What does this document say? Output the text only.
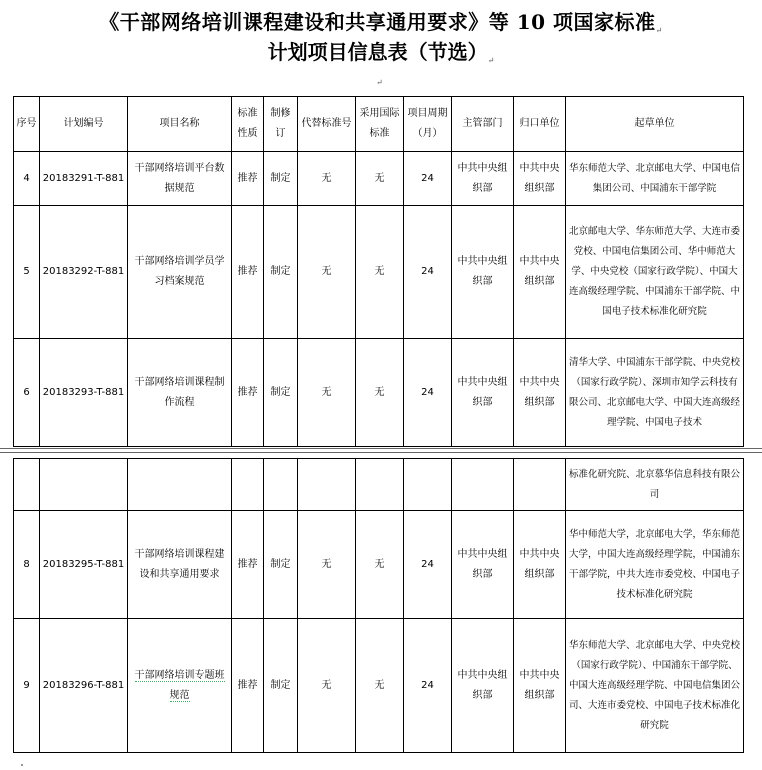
《干部网络培训课程建设和共享通用要求》等 10 项国家标准↵
计划项目信息表（节选）↵
↵
序号	计划编号	项目名称	标准性质	制修订	代替标准号	采用国际标准	项目周期（月）	主管部门	归口单位	起草单位
4	20183291-T-881	干部网络培训平台数据规范	推荐	制定	无	无	24	中共中央组织部	中共中央组织部	华东师范大学、北京邮电大学、中国电信集团公司、中国浦东干部学院
5	20183292-T-881	干部网络培训学员学习档案规范	推荐	制定	无	无	24	中共中央组织部	中共中央组织部	北京邮电大学、华东师范大学、大连市委党校、中国电信集团公司、华中师范大学、中央党校（国家行政学院）、中国大连高级经理学院、中国浦东干部学院、中国电子技术标准化研究院
6	20183293-T-881	干部网络培训课程制作流程	推荐	制定	无	无	24	中共中央组织部	中共中央组织部	清华大学、中国浦东干部学院、中央党校（国家行政学院）、深圳市知学云科技有限公司、北京邮电大学、中国大连高级经理学院、中国电子技术
										标准化研究院、北京慕华信息科技有限公司
8	20183295-T-881	干部网络培训课程建设和共享通用要求	推荐	制定	无	无	24	中共中央组织部	中共中央组织部	华中师范大学，北京邮电大学，华东师范大学，中国大连高级经理学院，中国浦东干部学院，中共大连市委党校、中国电子技术标准化研究院
9	20183296-T-881	干部网络培训专题班规范	推荐	制定	无	无	24	中共中央组织部	中共中央组织部	华东师范大学、北京邮电大学、中央党校（国家行政学院）、中国浦东干部学院、中国大连高级经理学院、中国电信集团公司、大连市委党校、中国电子技术标准化研究院
